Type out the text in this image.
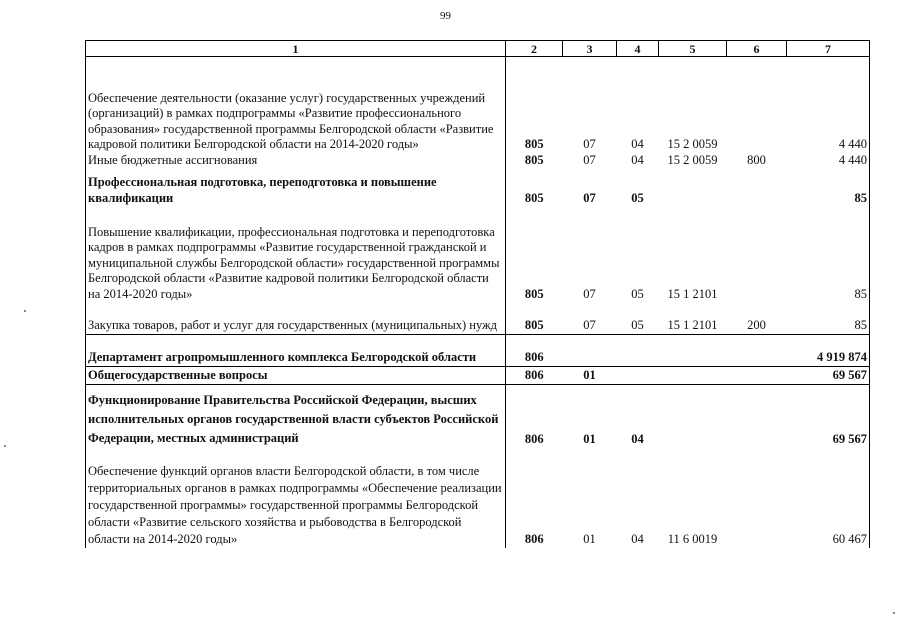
99
1	2	3	4	5	6	7
Обеспечение деятельности (оказание услуг) государственных учреждений (организаций) в рамках подпрограммы «Развитие профессионального образования» государственной программы Белгородской области «Развитие кадровой политики Белгородской области на 2014-2020 годы»	805	07	04	15 2 0059		4 440
Иные бюджетные ассигнования	805	07	04	15 2 0059	800	4 440
Профессиональная подготовка, переподготовка и повышение квалификации	805	07	05			85
Повышение квалификации, профессиональная подготовка и переподготовка кадров в рамках подпрограммы «Развитие государственной гражданской и муниципальной службы Белгородской области» государственной программы Белгородской области «Развитие кадровой политики Белгородской области на 2014-2020 годы»	805	07	05	15 1 2101		85
Закупка товаров, работ и услуг для государственных (муниципальных) нужд	805	07	05	15 1 2101	200	85
Департамент агропромышленного комплекса Белгородской области	806					4 919 874
Общегосударственные вопросы	806	01				69 567
Функционирование Правительства Российской Федерации, высших исполнительных органов государственной власти субъектов Российской Федерации, местных администраций	806	01	04			69 567
Обеспечение функций органов власти Белгородской области, в том числе территориальных органов в рамках подпрограммы «Обеспечение реализации государственной программы» государственной программы Белгородской области «Развитие сельского хозяйства и рыбоводства в Белгородской области на 2014-2020 годы»	806	01	04	11 6 0019		60 467
